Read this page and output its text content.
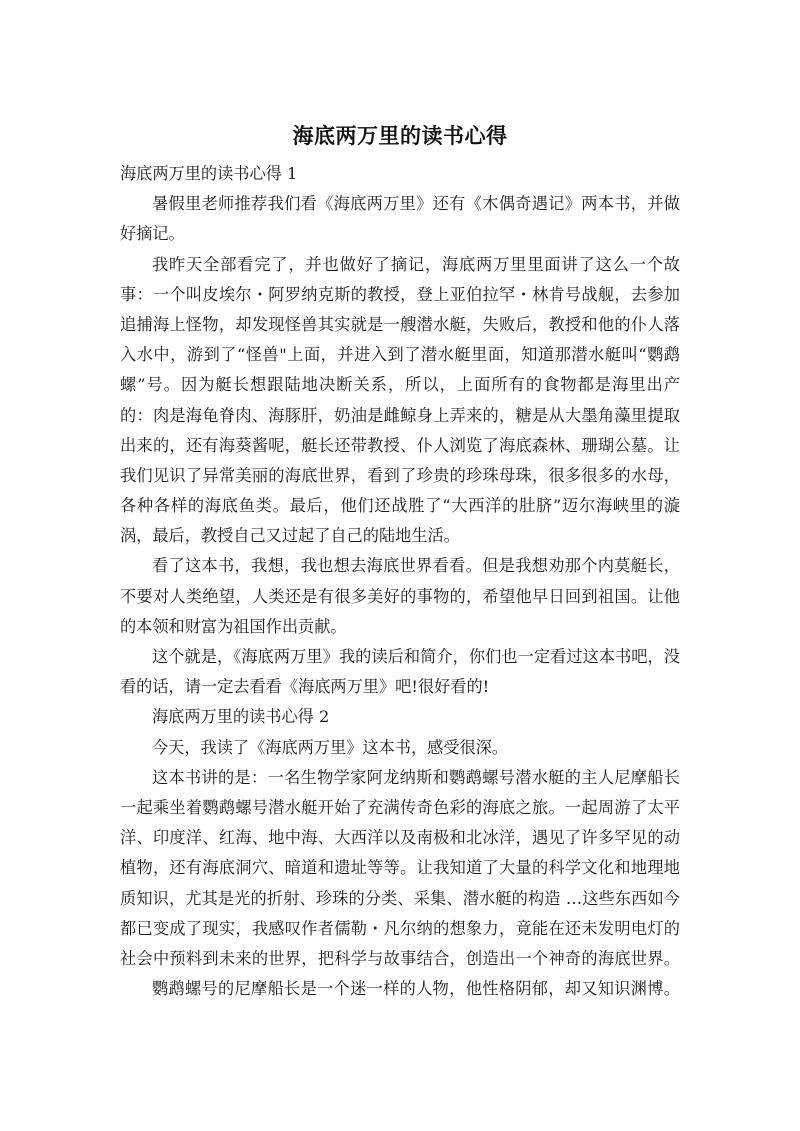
海底两万里的读书心得
海底两万里的读书心得 1
暑假里老师推荐我们看《海底两万里》还有《木偶奇遇记》两本书，并做
好摘记。
我昨天全部看完了，并也做好了摘记，海底两万里里面讲了这么一个故
事：一个叫皮埃尔・阿罗纳克斯的教授，登上亚伯拉罕・林肯号战舰，去参加
追捕海上怪物，却发现怪兽其实就是一艘潜水艇，失败后，教授和他的仆人落
入水中，游到了“怪兽"上面，并进入到了潜水艇里面，知道那潜水艇叫“鹦鹉
螺”号。因为艇长想跟陆地决断关系，所以，上面所有的食物都是海里出产
的：肉是海龟脊肉、海豚肝，奶油是雌鲸身上弄来的，糖是从大墨角藻里提取
出来的，还有海葵酱呢，艇长还带教授、仆人浏览了海底森林、珊瑚公墓。让
我们见识了异常美丽的海底世界，看到了珍贵的珍珠母珠，很多很多的水母，
各种各样的海底鱼类。最后，他们还战胜了“大西洋的肚脐”迈尔海峡里的漩
涡，最后，教授自己又过起了自己的陆地生活。
看了这本书，我想，我也想去海底世界看看。但是我想劝那个内莫艇长，
不要对人类绝望，人类还是有很多美好的事物的，希望他早日回到祖国。让他
的本领和财富为祖国作出贡献。
这个就是，《海底两万里》我的读后和简介，你们也一定看过这本书吧，没
看的话，请一定去看看《海底两万里》吧!很好看的!
海底两万里的读书心得 2
今天，我读了《海底两万里》这本书，感受很深。
这本书讲的是：一名生物学家阿龙纳斯和鹦鹉螺号潜水艇的主人尼摩船长
一起乘坐着鹦鹉螺号潜水艇开始了充满传奇色彩的海底之旅。一起周游了太平
洋、印度洋、红海、地中海、大西洋以及南极和北冰洋，遇见了许多罕见的动
植物，还有海底洞穴、暗道和遗址等等。让我知道了大量的科学文化和地理地
质知识，尤其是光的折射、珍珠的分类、采集、潜水艇的构造 …这些东西如今
都已变成了现实，我感叹作者儒勒・凡尔纳的想象力，竟能在还未发明电灯的
社会中预料到未来的世界，把科学与故事结合，创造出一个神奇的海底世界。
鹦鹉螺号的尼摩船长是一个迷一样的人物，他性格阴郁，却又知识渊博。
